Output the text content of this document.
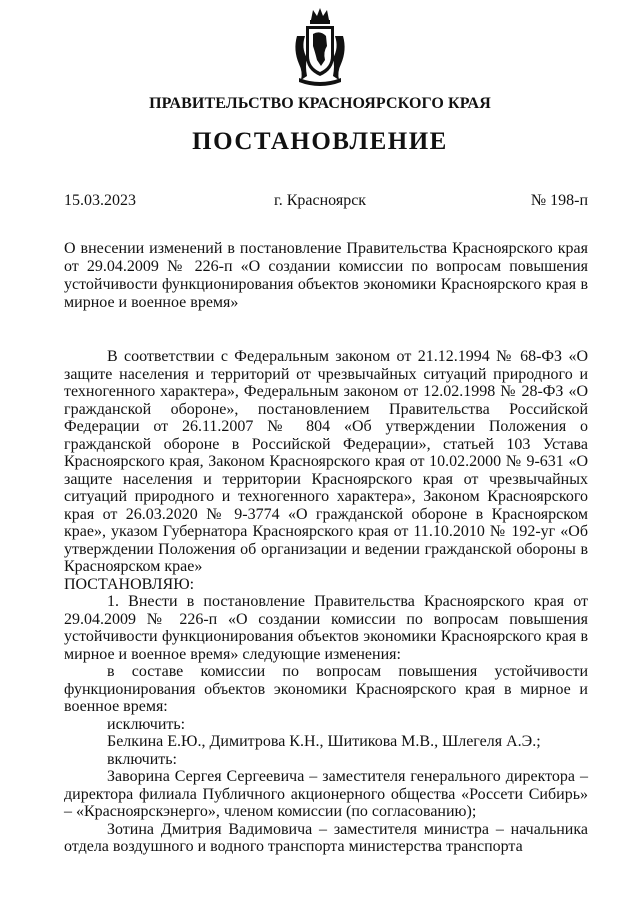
ПРАВИТЕЛЬСТВО КРАСНОЯРСКОГО КРАЯ
ПОСТАНОВЛЕНИЕ
15.03.2023	г. Красноярск	№ 198-п
О внесении изменений в постановление Правительства Красноярского края от 29.04.2009 № 226-п «О создании комиссии по вопросам повышения устойчивости функционирования объектов экономики Красноярского края в мирное и военное время»

В соответствии с Федеральным законом от 21.12.1994 № 68-ФЗ «О защите населения и территорий от чрезвычайных ситуаций природного и техногенного характера», Федеральным законом от 12.02.1998 № 28-ФЗ «О гражданской обороне», постановлением Правительства Российской Федерации от 26.11.2007 № 804 «Об утверждении Положения о гражданской обороне в Российской Федерации», статьей 103 Устава Красноярского края, Законом Красноярского края от 10.02.2000 № 9-631 «О защите населения и территории Красноярского края от чрезвычайных ситуаций природного и техногенного характера», Законом Красноярского края от 26.03.2020 № 9-3774 «О гражданской обороне в Красноярском крае», указом Губернатора Красноярского края от 11.10.2010 № 192-уг «Об утверждении Положения об организации и ведении гражданской обороны в Красноярском крае»

ПОСТАНОВЛЯЮ:

1. Внести в постановление Правительства Красноярского края от 29.04.2009 № 226-п «О создании комиссии по вопросам повышения устойчивости функционирования объектов экономики Красноярского края в мирное и военное время» следующие изменения:

в составе комиссии по вопросам повышения устойчивости функционирования объектов экономики Красноярского края в мирное и военное время:

исключить:

Белкина Е.Ю., Димитрова К.Н., Шитикова М.В., Шлегеля А.Э.;

включить:

Заворина Сергея Сергеевича – заместителя генерального директора – директора филиала Публичного акционерного общества «Россети Сибирь» – «Красноярскэнерго», членом комиссии (по согласованию);

Зотина Дмитрия Вадимовича – заместителя министра – начальника отдела воздушного и водного транспорта министерства транспорта
